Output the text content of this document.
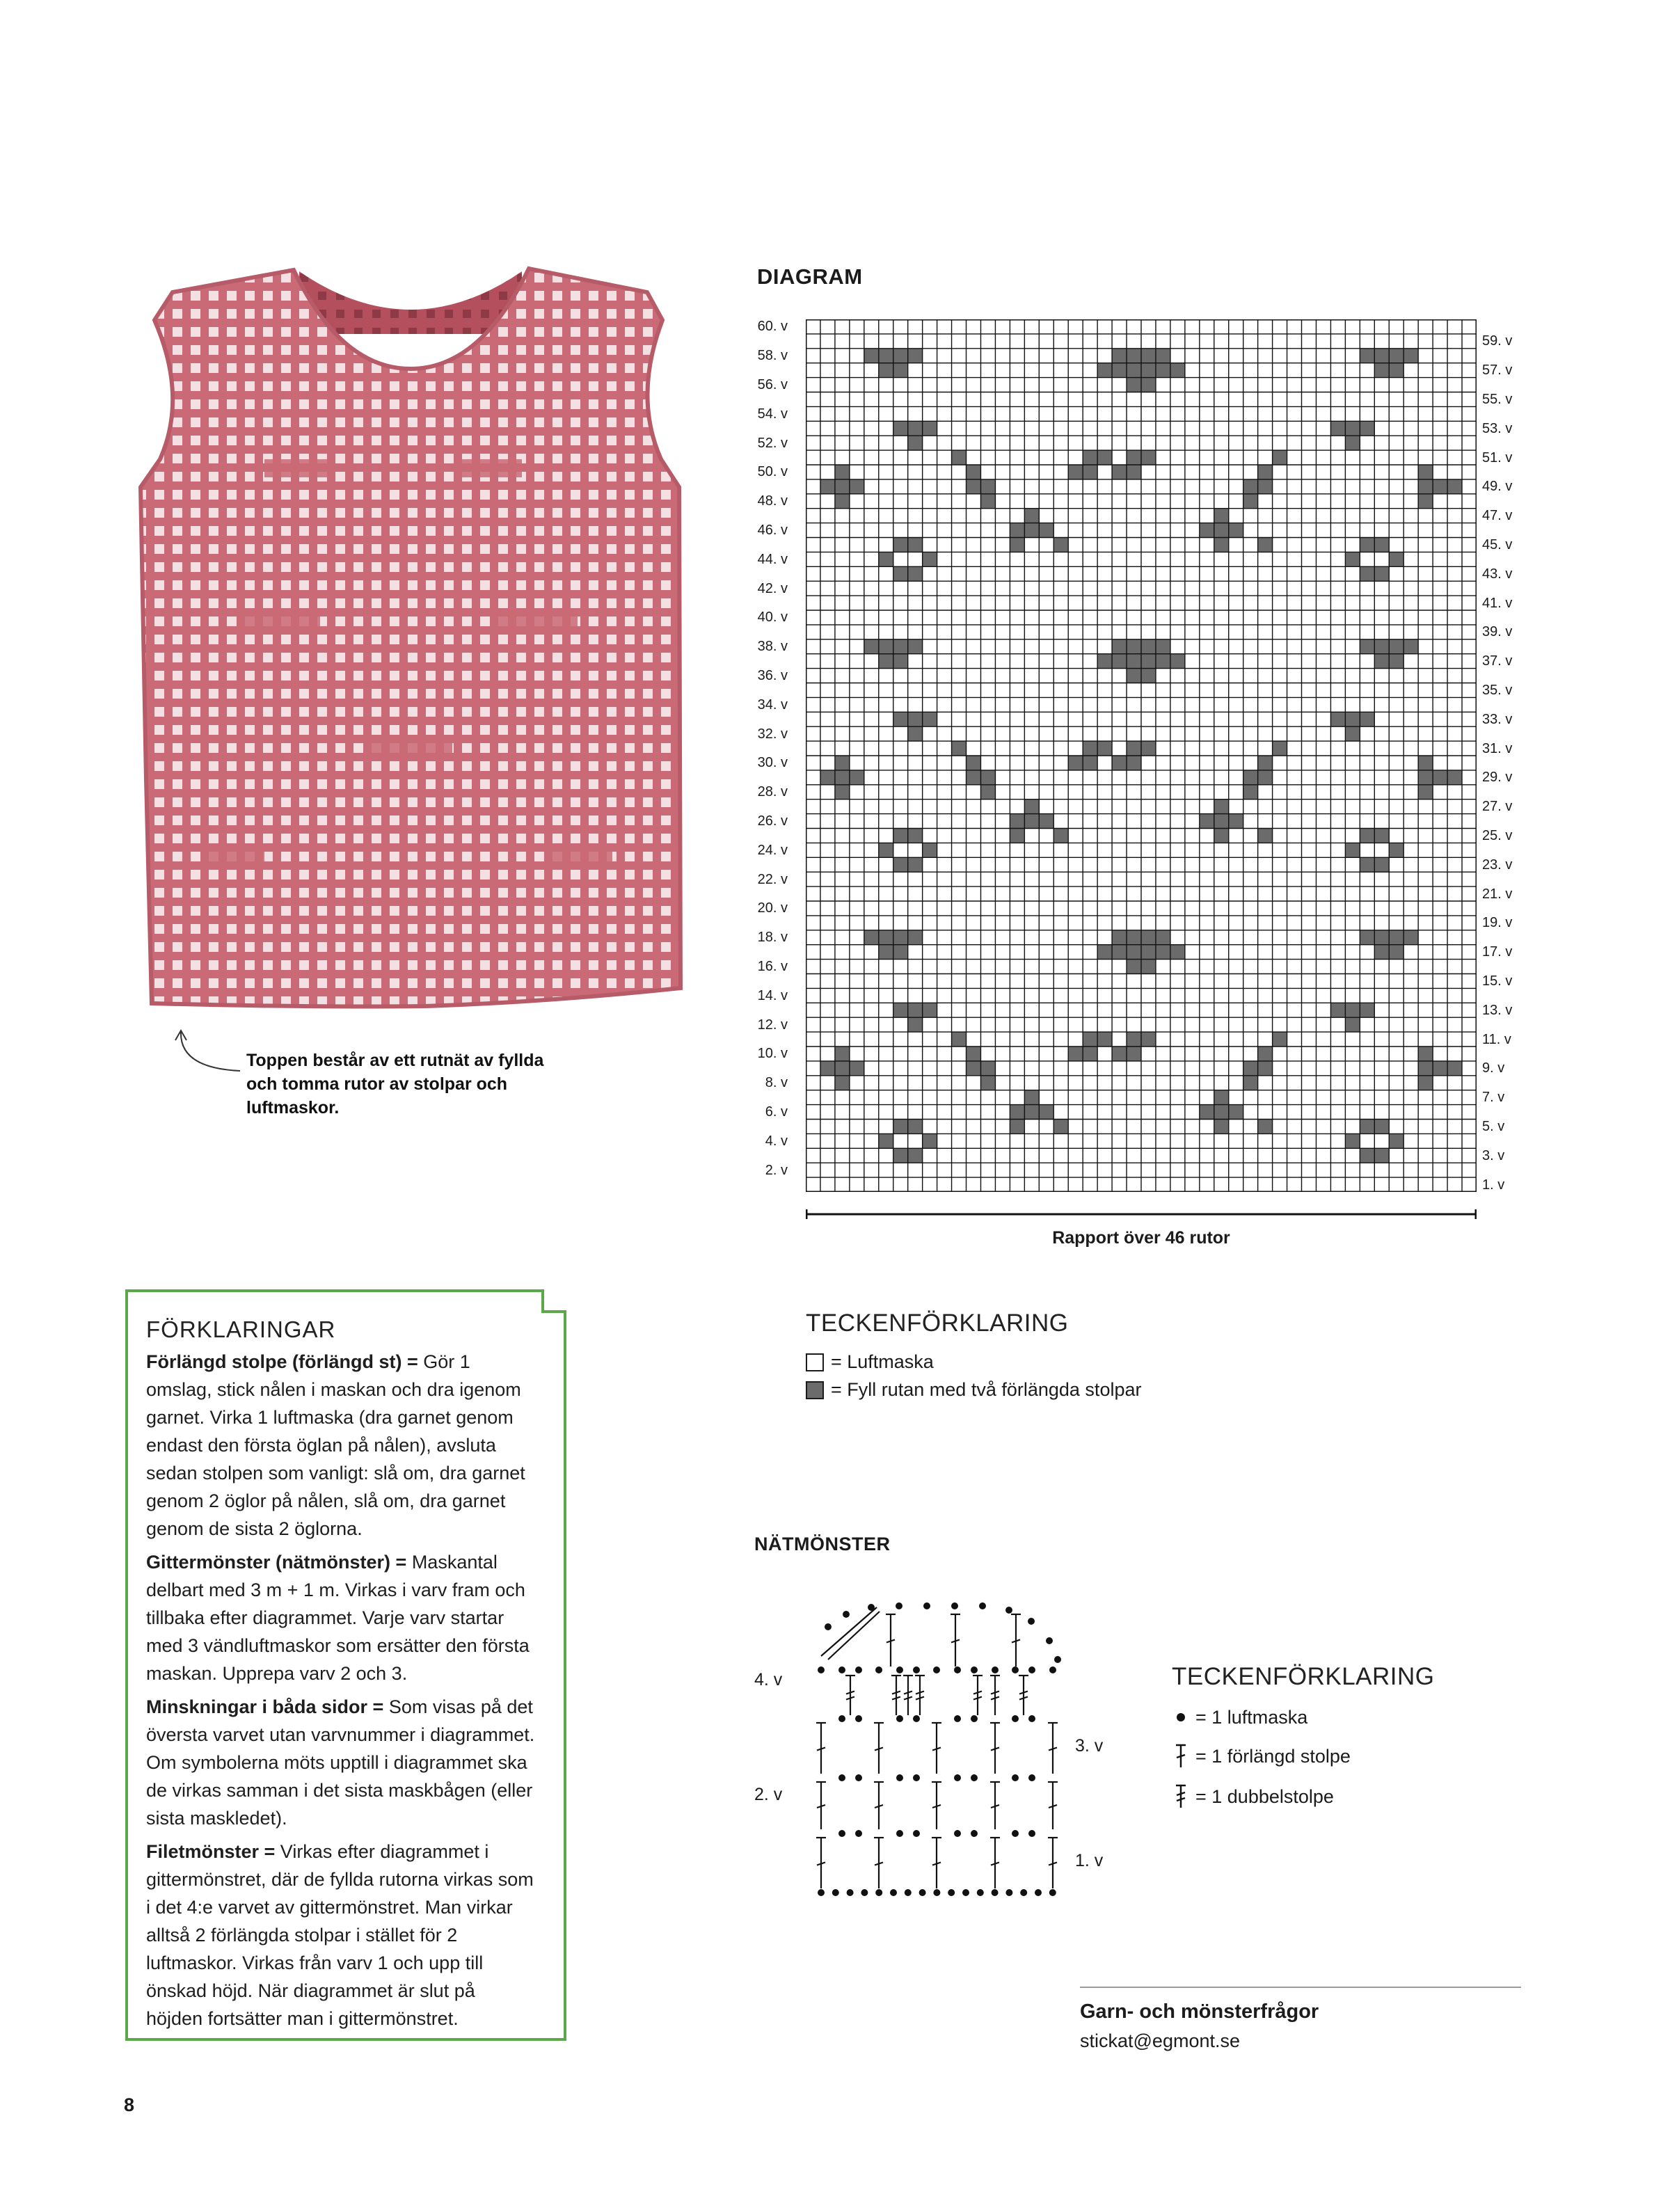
Toppen består av ett rutnät av fyllda och tomma rutor av stolpar och luftmaskor.
DIAGRAM
60. v
58. v
56. v
54. v
52. v
50. v
48. v
46. v
44. v
42. v
40. v
38. v
36. v
34. v
32. v
30. v
28. v
26. v
24. v
22. v
20. v
18. v
16. v
14. v
12. v
10. v
8. v
6. v
4. v
2. v
59. v
57. v
55. v
53. v
51. v
49. v
47. v
45. v
43. v
41. v
39. v
37. v
35. v
33. v
31. v
29. v
27. v
25. v
23. v
21. v
19. v
17. v
15. v
13. v
11. v
9. v
7. v
5. v
3. v
1. v
Rapport över 46 rutor
FÖRKLARINGAR
Förlängd stolpe (förlängd st) = Gör 1 omslag, stick nålen i maskan och dra igenom garnet. Virka 1 luftmaska (dra garnet genom endast den första öglan på nålen), avsluta sedan stolpen som vanligt: slå om, dra garnet genom 2 öglor på nålen, slå om, dra garnet genom de sista 2 öglorna.
Gittermönster (nätmönster) = Maskantal delbart med 3 m + 1 m. Virkas i varv fram och tillbaka efter diagrammet. Varje varv startar med 3 vändluftmaskor som ersätter den första maskan. Upprepa varv 2 och 3.
Minskningar i båda sidor = Som visas på det översta varvet utan varvnummer i diagrammet. Om symbolerna möts upptill i diagrammet ska de virkas samman i det sista maskbågen (eller sista maskledet).
Filetmönster = Virkas efter diagrammet i gittermönstret, där de fyllda rutorna virkas som i det 4:e varvet av gittermönstret. Man virkar alltså 2 förlängda stolpar i stället för 2 luftmaskor. Virkas från varv 1 och upp till önskad höjd. När diagrammet är slut på höjden fortsätter man i gittermönstret.
TECKENFÖRKLARING
= Luftmaska
= Fyll rutan med två förlängda stolpar
NÄTMÖNSTER
4. v
3. v
2. v
1. v
TECKENFÖRKLARING
= 1 luftmaska
= 1 förlängd stolpe
= 1 dubbelstolpe
Garn- och mönsterfrågor
stickat@egmont.se
8
